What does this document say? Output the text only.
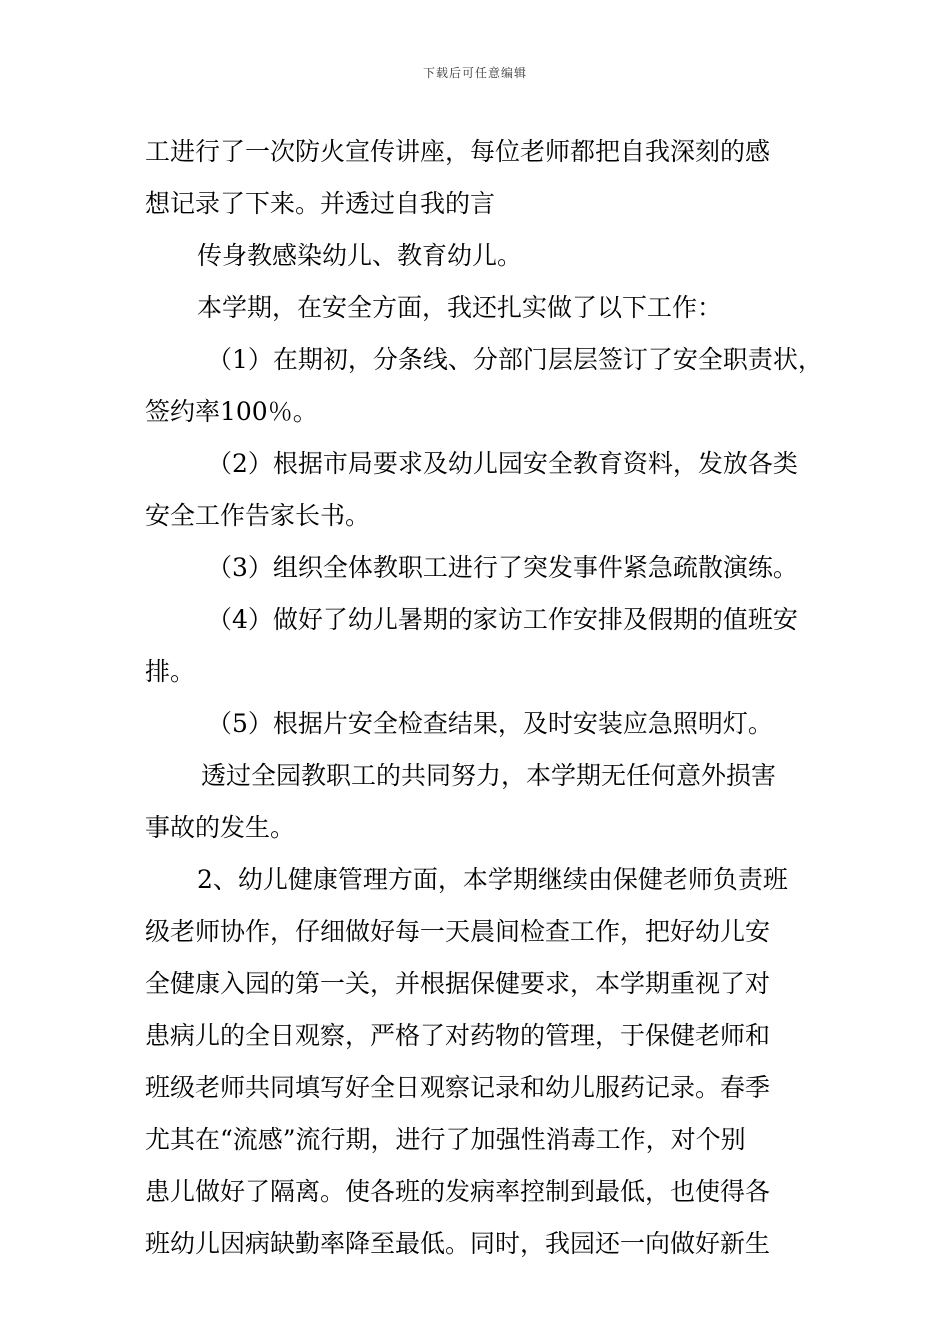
下载后可任意编辑
工进行了一次防火宣传讲座，每位老师都把自我深刻的感
想记录了下来。并透过自我的言
传身教感染幼儿、教育幼儿。
本学期，在安全方面，我还扎实做了以下工作：
（1）在期初，分条线、分部门层层签订了安全职责状，
签约率100％。
（2）根据市局要求及幼儿园安全教育资料，发放各类
安全工作告家长书。
（3）组织全体教职工进行了突发事件紧急疏散演练。
（4）做好了幼儿暑期的家访工作安排及假期的值班安
排。
（5）根据片安全检查结果，及时安装应急照明灯。
透过全园教职工的共同努力，本学期无任何意外损害
事故的发生。
2、幼儿健康管理方面，本学期继续由保健老师负责班
级老师协作，仔细做好每一天晨间检查工作，把好幼儿安
全健康入园的第一关，并根据保健要求，本学期重视了对
患病儿的全日观察，严格了对药物的管理，于保健老师和
班级老师共同填写好全日观察记录和幼儿服药记录。春季
尤其在“流感”流行期，进行了加强性消毒工作，对个别
患儿做好了隔离。使各班的发病率控制到最低，也使得各
班幼儿因病缺勤率降至最低。同时，我园还一向做好新生
